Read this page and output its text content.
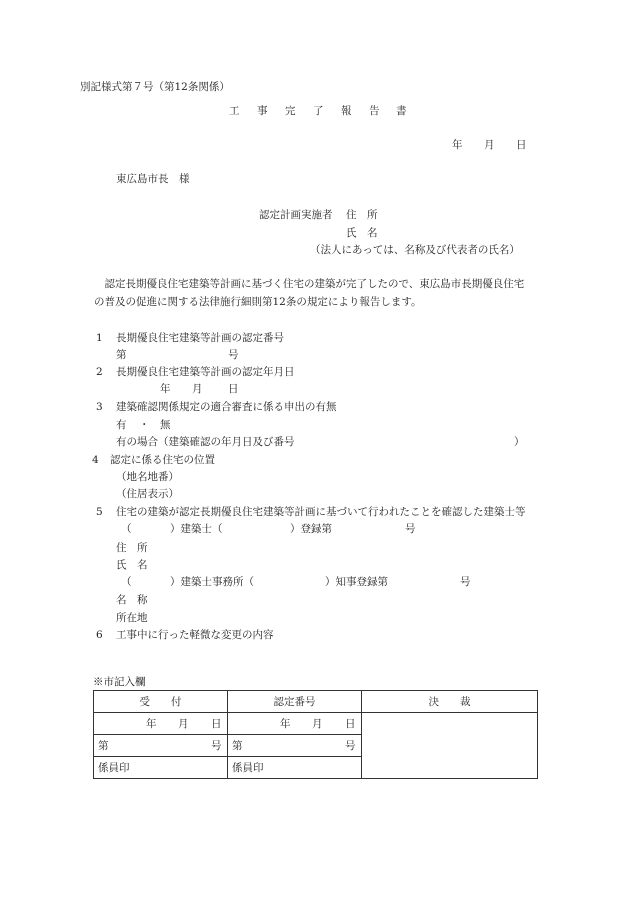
別記様式第７号（第12条関係）
工 事 完 了 報 告 書
年 月 日
東広島市長　様
認定計画実施者 住　所
氏　名
（法人にあっては、名称及び代表者の氏名）
　認定長期優良住宅建築等計画に基づく住宅の建築が完了したので、東広島市長期優良住宅
の普及の促進に関する法律施行細則第12条の規定により報告します。
1 長期優良住宅建築等計画の認定番号
第	号
2 長期優良住宅建築等計画の認定年月日
年 月 日
3 建築確認関係規定の適合審査に係る申出の有無
有 ・ 無
有の場合（建築確認の年月日及び番号	）
4 認定に係る住宅の位置
（地名地番）
（住居表示）
5 住宅の建築が認定長期優良住宅建築等計画に基づいて行われたことを確認した建築士等
（	）建築士（	）登録第	号
住　所
氏　名
（	）建築士事務所（	）知事登録第	号
名　称
所在地
6 工事中に行った軽微な変更の内容
※市記入欄
受　　付	認定番号	決　　裁

年 月 日	年 月 日	

第 号	第 号	

係員印	係員印	
